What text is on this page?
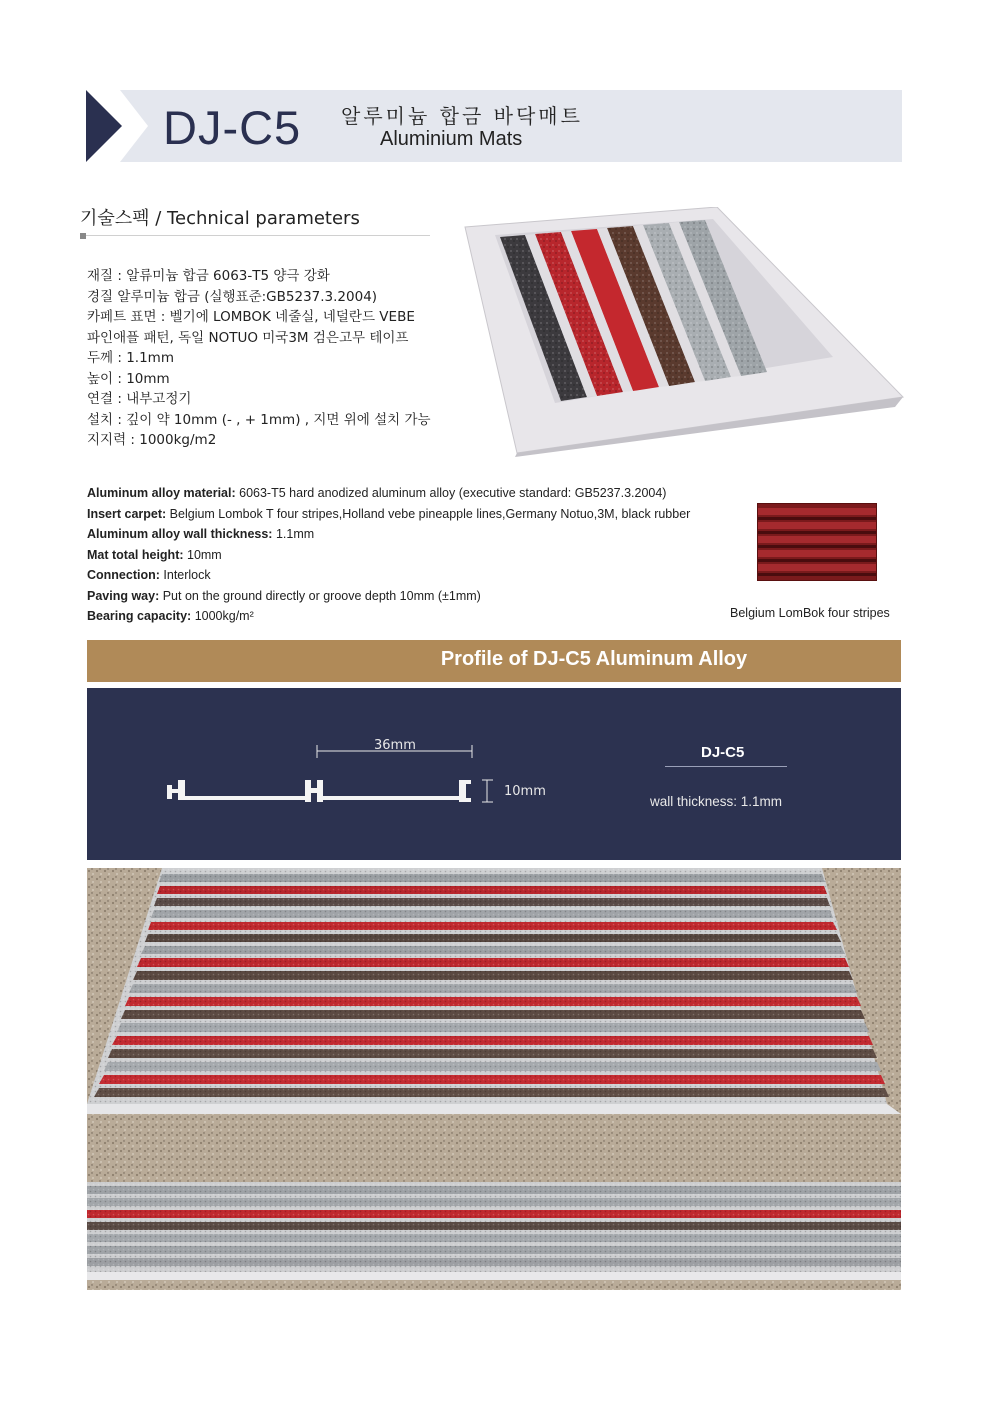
DJ-C5 알루미늄 합금 바닥매트
Aluminium Mats
기술스펙 / Technical parameters
재질 : 알류미늄 합금 6063-T5 양극 강화
경질 알루미늄 합금 (실행표준:GB5237.3.2004)
카페트 표면 : 벨기에 LOMBOK 네줄실, 네덜란드 VEBE
파인애플 패턴, 독일 NOTUO 미국3M 검은고무 테이프
두께 : 1.1mm
높이 : 10mm
연결 : 내부고정기
설치 : 깊이 약 10mm (- , + 1mm) , 지면 위에 설치 가능
지지력 : 1000kg/m2
Aluminum alloy material: 6063-T5 hard anodized aluminum alloy (executive standard: GB5237.3.2004)
Insert carpet: Belgium Lombok T four stripes,Holland vebe pineapple lines,Germany Notuo,3M, black rubber
Aluminum alloy wall thickness: 1.1mm
Mat total height: 10mm
Connection: Interlock
Paving way: Put on the ground directly or groove depth 10mm (±1mm)
Bearing capacity: 1000kg/m²	Belgium LomBok four stripes
Profile of DJ-C5 Aluminum Alloy
36mm
10mm
DJ-C5
wall thickness: 1.1mm
